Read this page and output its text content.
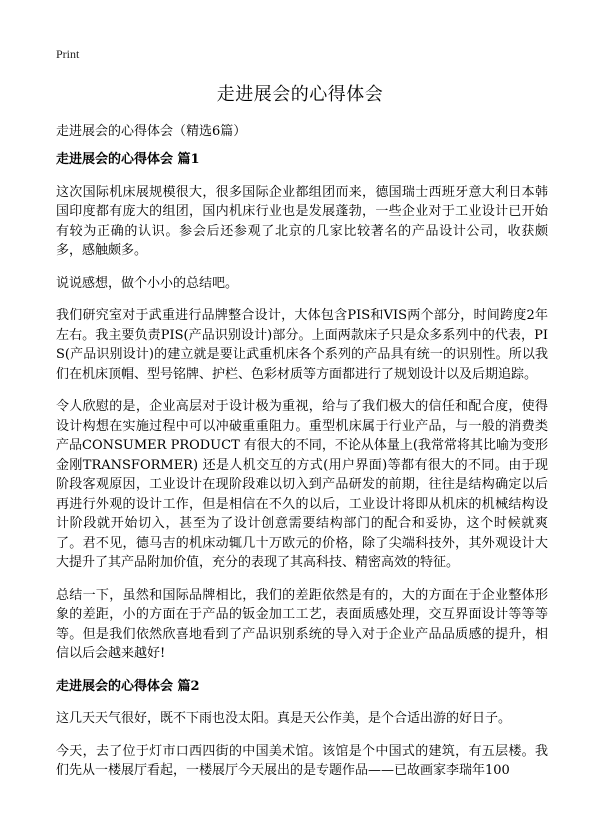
Print
走进展会的心得体会
走进展会的心得体会（精选6篇）
走进展会的心得体会 篇1

这次国际机床展规模很大，很多国际企业都组团而来，德国瑞士西班牙意大利日本韩国印度都有庞大的组团，国内机床行业也是发展蓬勃，一些企业对于工业设计已开始有较为正确的认识。参会后还参观了北京的几家比较著名的产品设计公司，收获颇多，感触颇多。

说说感想，做个小小的总结吧。

我们研究室对于武重进行品牌整合设计，大体包含PIS和VIS两个部分，时间跨度2年左右。我主要负责PIS(产品识别设计)部分。上面两款床子只是众多系列中的代表，PIS(产品识别设计)的建立就是要让武重机床各个系列的产品具有统一的识别性。所以我们在机床顶帽、型号铭牌、护栏、色彩材质等方面都进行了规划设计以及后期追踪。

令人欣慰的是，企业高层对于设计极为重视，给与了我们极大的信任和配合度，使得设计构想在实施过程中可以冲破重重阻力。重型机床属于行业产品，与一般的消费类产品CONSUMER PRODUCT 有很大的不同，不论从体量上(我常常将其比喻为变形金刚TRANSFORMER) 还是人机交互的方式(用户界面)等都有很大的不同。由于现阶段客观原因，工业设计在现阶段难以切入到产品研发的前期，往往是结构确定以后再进行外观的设计工作，但是相信在不久的以后，工业设计将即从机床的机械结构设计阶段就开始切入，甚至为了设计创意需要结构部门的配合和妥协，这个时候就爽了。君不见，德马吉的机床动辄几十万欧元的价格，除了尖端科技外，其外观设计大大提升了其产品附加价值，充分的表现了其高科技、精密高效的特征。

总结一下，虽然和国际品牌相比，我们的差距依然是有的，大的方面在于企业整体形象的差距，小的方面在于产品的钣金加工工艺，表面质感处理，交互界面设计等等等等。但是我们依然欣喜地看到了产品识别系统的导入对于企业产品品质感的提升，相信以后会越来越好!

走进展会的心得体会 篇2

这几天天气很好，既不下雨也没太阳。真是天公作美，是个合适出游的好日子。

今天，去了位于灯市口西四街的中国美术馆。该馆是个中国式的建筑，有五层楼。我们先从一楼展厅看起，一楼展厅今天展出的是专题作品——已故画家李瑞年100
